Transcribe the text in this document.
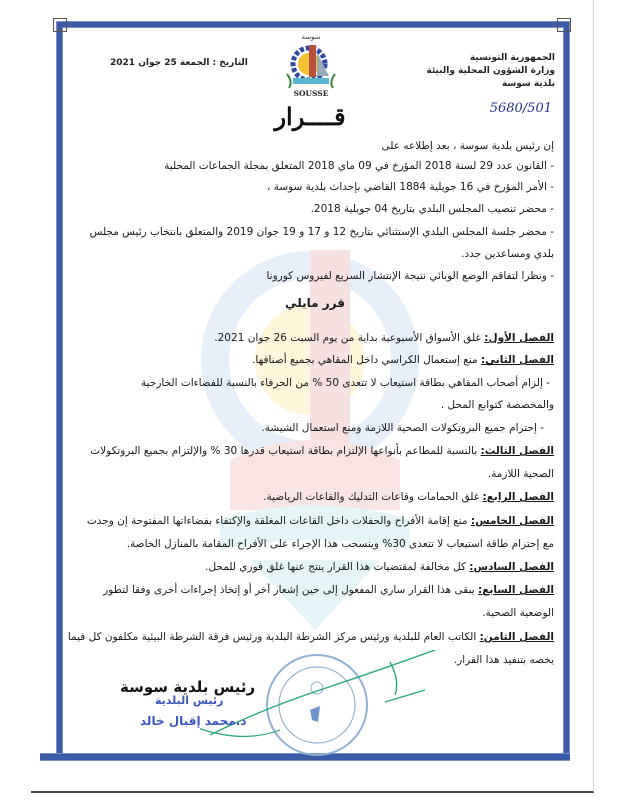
الجمهورية التونسية
وزارة الشؤون المحلية والبيئة
بلدية سوسة
5680/501
التاريخ : الجمعة 25 جوان 2021
سوسة
SOUSSE
قــــرار
إن رئيس بلدية سوسة ، بعد إطلاعه على
- القانون عدد 29 لسنة 2018 المؤرخ في 09 ماي 2018 المتعلق بمجلة الجماعات المحلية
- الأمر المؤرخ في 16 جويلية 1884 القاضي بإحداث بلدية سوسة ،
- محضر تنصيب المجلس البلدي بتاريخ 04 جويلية 2018.
- محضر جلسة المجلس البلدي الإستثنائي بتاريخ 12 و 17 و 19 جوان 2019 والمتعلق بانتخاب رئيس مجلس
بلدي ومساعدين جدد.
- ونظرا لتفاقم الوضع الوبائي نتيجة الإنتشار السريع لفيروس كورونا
قرر مايلي
الفصل الأول: غلق الأسواق الأسبوعية بداية من يوم السبت 26 جوان 2021.
الفصل الثاني: منع إستعمال الكراسي داخل المقاهي بجميع أصنافها.
- إلزام أصحاب المقاهي بطاقة استيعاب لا تتعدى 50 % من الحرفاء بالنسبة للفضاءات الخارجية
والمخصصة كتوابع المحل .
- إحترام جميع البروتكولات الصحية اللازمة ومنع استعمال الشيشة.
الفصل الثالث: بالنسبة للمطاعم بأنواعها الإلتزام بطاقة استيعاب قدرها 30 % والإلتزام بجميع البروتكولات
الصحية اللازمة.
الفصل الرابع: غلق الحمامات وقاعات التدليك والقاعات الرياضية.
الفصل الخامس: منع إقامة الأفراح والحفلات داخل القاعات المغلقة والإكتفاء بفضاءاتها المفتوحة إن وجدت
مع إحترام طاقة استيعاب لا تتعدى 30% وينسحب هذا الإجراء على الأفراح المقامة بالمنازل الخاصة.
الفصل السادس: كل مخالفة لمقتضيات هذا القرار ينتج عنها غلق فوري للمحل.
الفصل السابع: يبقى هذا القرار ساري المفعول إلى حين إشعار آخر أو إتخاذ إجراءات أخرى وفقا لتطور
الوضعية الصحية.
الفصل الثامن: الكاتب العام للبلدية ورئيس مركز الشرطة البلدية ورئيس فرقة الشرطة البيئية مكلفون كل فيما
يخصه بتنفيذ هذا القرار.
رئيس بلدية سوسة
رئيس البلدية
د.محمد إقبال خالد
